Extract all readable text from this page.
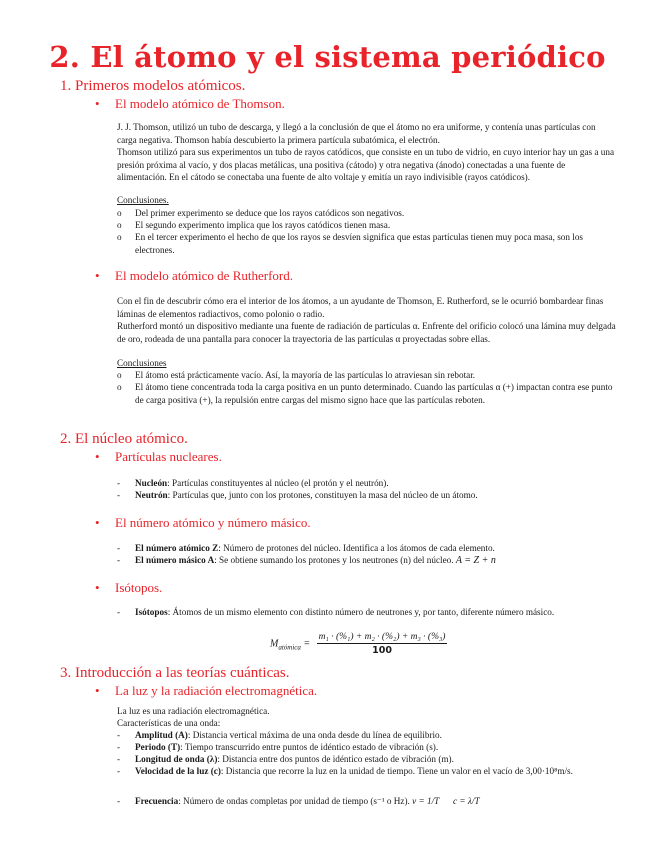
2. El átomo y el sistema periódico
1. Primeros modelos atómicos.
• El modelo atómico de Thomson.
J. J. Thomson, utilizó un tubo de descarga, y llegó a la conclusión de que el átomo no era uniforme, y contenía unas partículas con carga negativa. Thomson había descubierto la primera partícula subatómica, el electrón.
Thomson utilizó para sus experimentos un tubo de rayos catódicos, que consiste en un tubo de vidrio, en cuyo interior hay un gas a una presión próxima al vacío, y dos placas metálicas, una positiva (cátodo) y otra negativa (ánodo) conectadas a una fuente de alimentación. En el cátodo se conectaba una fuente de alto voltaje y emitía un rayo indivisible (rayos catódicos).
Conclusiones.
o Del primer experimento se deduce que los rayos catódicos son negativos.
o El segundo experimento implica que los rayos catódicos tienen masa.
o En el tercer experimento el hecho de que los rayos se desvíen significa que estas partículas tienen muy poca masa, son los electrones.
• El modelo atómico de Rutherford.
Con el fin de descubrir cómo era el interior de los átomos, a un ayudante de Thomson, E. Rutherford, se le ocurrió bombardear finas láminas de elementos radiactivos, como polonio o radio.
Rutherford montó un dispositivo mediante una fuente de radiación de partículas α. Enfrente del orificio colocó una lámina muy delgada de oro, rodeada de una pantalla para conocer la trayectoria de las partículas α proyectadas sobre ellas.
Conclusiones
o El átomo está prácticamente vacío. Así, la mayoría de las partículas lo atraviesan sin rebotar.
o El átomo tiene concentrada toda la carga positiva en un punto determinado. Cuando las partículas α (+) impactan contra ese punto de carga positiva (+), la repulsión entre cargas del mismo signo hace que las partículas reboten.
2. El núcleo atómico.
• Partículas nucleares.
- Nucleón: Partículas constituyentes al núcleo (el protón y el neutrón).
- Neutrón: Partículas que, junto con los protones, constituyen la masa del núcleo de un átomo.
• El número atómico y número másico.
- El número atómico Z: Número de protones del núcleo. Identifica a los átomos de cada elemento.
- El número másico A: Se obtiene sumando los protones y los neutrones (n) del núcleo. A = Z + n
• Isótopos.
- Isótopos: Átomos de un mismo elemento con distinto número de neutrones y, por tanto, diferente número másico.
$M_{atómica} = \frac{\text{m₁ · (\%₁) + m₂ · (\%₂) + m₃ · (\%₃)}}{100}$
3. Introducción a las teorías cuánticas.
• La luz y la radiación electromagnética.
La luz es una radiación electromagnética.
Características de una onda:
- Amplitud (A): Distancia vertical máxima de una onda desde du línea de equilibrio.
- Periodo (T): Tiempo transcurrido entre puntos de idéntico estado de vibración (s).
- Longitud de onda (λ): Distancia entre dos puntos de idéntico estado de vibración (m).
- Velocidad de la luz (c): Distancia que recorre la luz en la unidad de tiempo. Tiene un valor en el vacío de 3,00·10⁸m/s.
- Frecuencia: Número de ondas completas por unidad de tiempo (s⁻¹ o Hz). ν = 1/T c = λ/T
